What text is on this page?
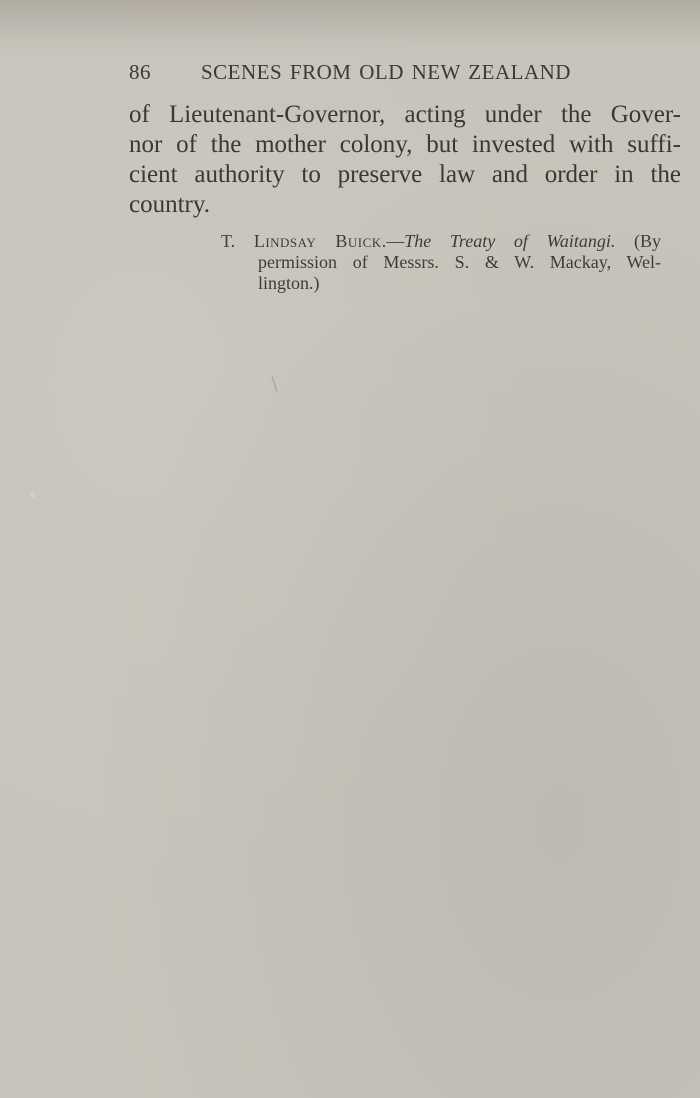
86 SCENES FROM OLD NEW ZEALAND
of Lieutenant-Governor, acting under the Gover-
nor of the mother colony, but invested with suffi-
cient authority to preserve law and order in the
country.
T. Lindsay Buick.—The Treaty of Waitangi. (By
permission of Messrs. S. & W. Mackay, Wel-
lington.)
